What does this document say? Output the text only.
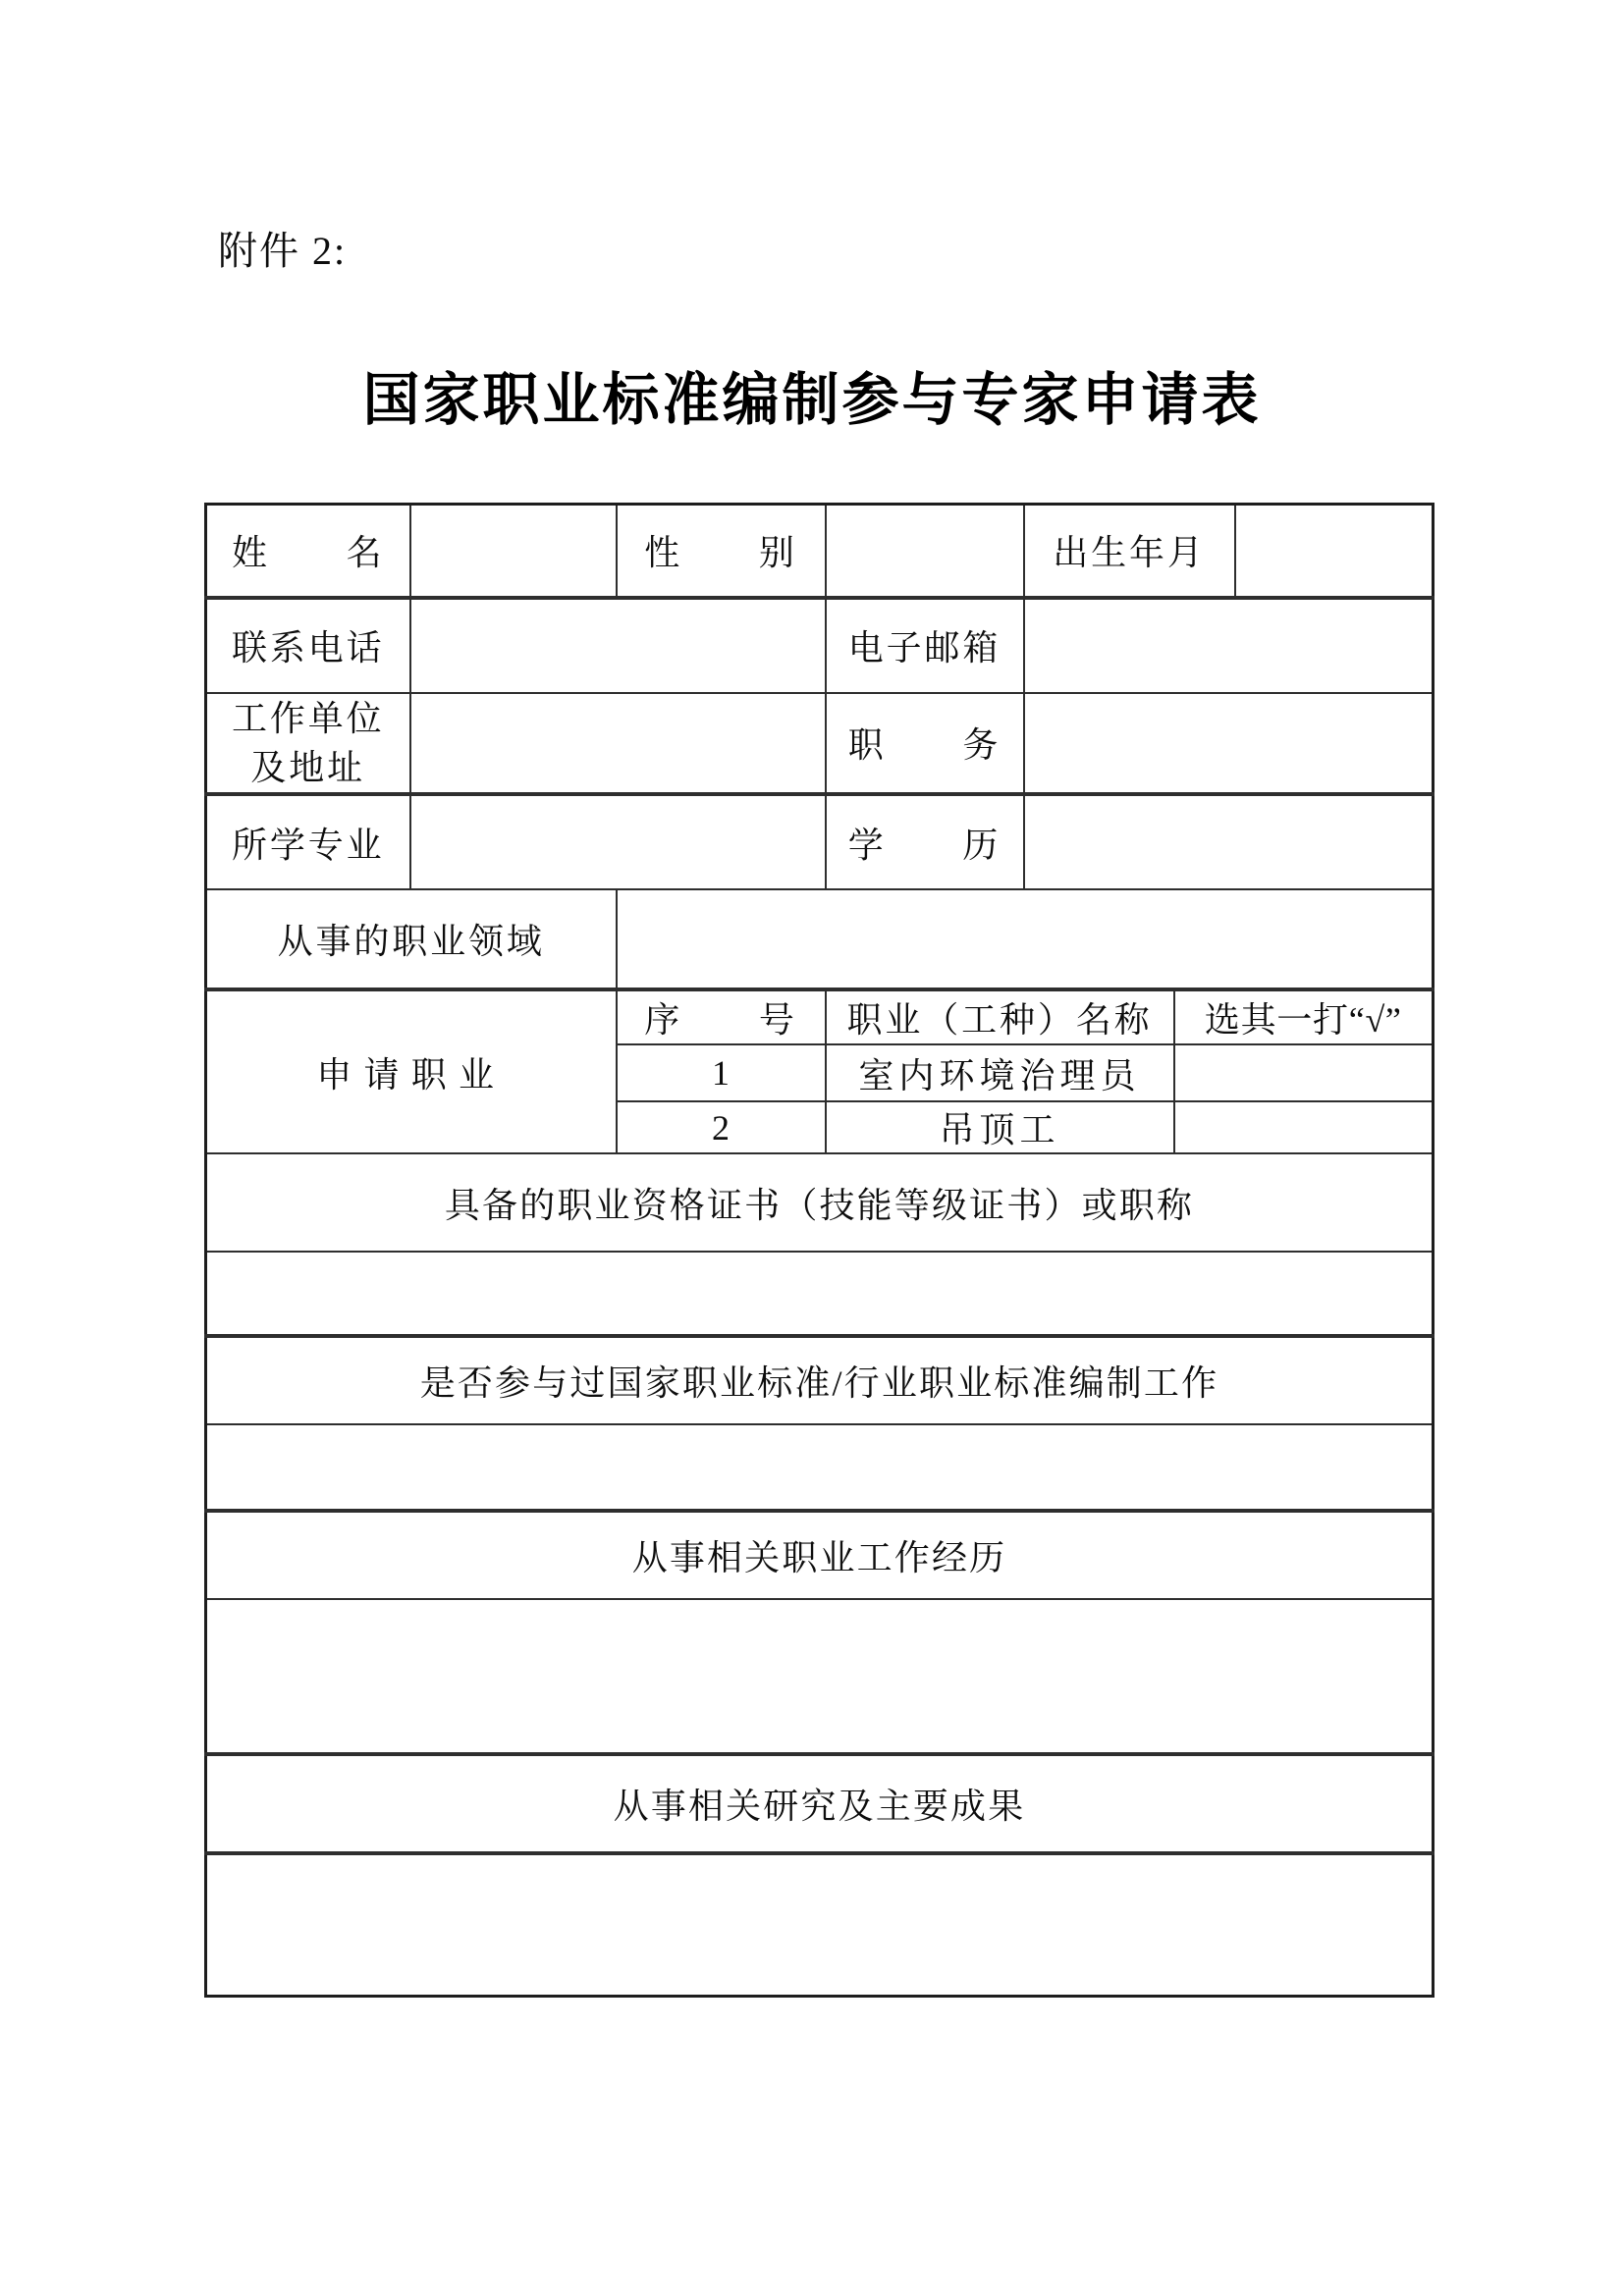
附件 2:
国家职业标准编制参与专家申请表
姓　　名		性　　别		出生年月		
联系电话			电子邮箱			

工作单位
及地址			职　　务			
所学专业			学　　历			
从事的职业领域						
申请职业		序　　号	职业（工种）名称		选其一打“√”	
		1	室内环境治理员			
		2	吊顶工			
具备的职业资格证书（技能等级证书）或职称						

是否参与过国家职业标准/行业职业标准编制工作						

从事相关职业工作经历						

从事相关研究及主要成果						
